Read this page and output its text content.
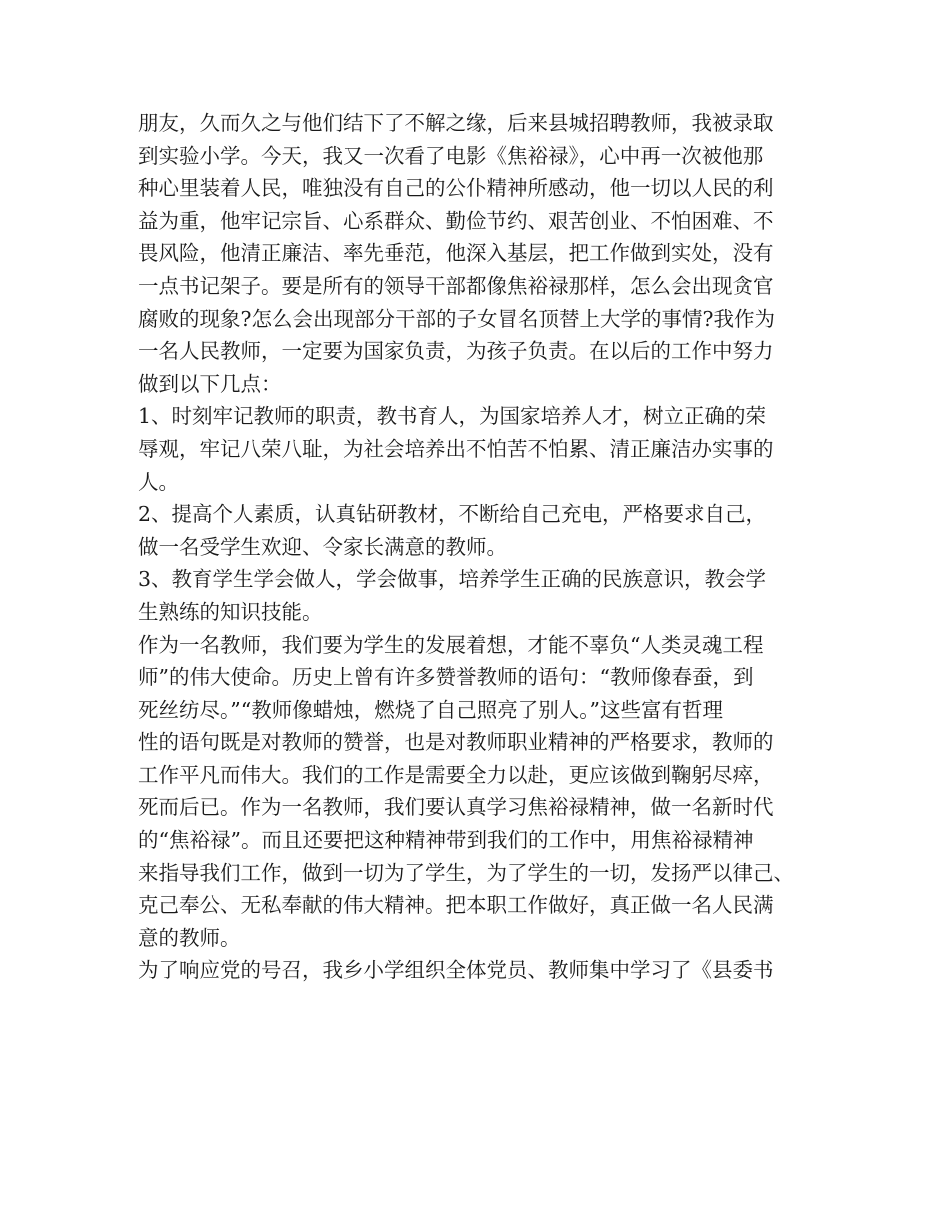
朋友，久而久之与他们结下了不解之缘，后来县城招聘教师，我被录取
到实验小学。今天，我又一次看了电影《焦裕禄》，心中再一次被他那
种心里装着人民，唯独没有自己的公仆精神所感动，他一切以人民的利
益为重，他牢记宗旨、心系群众、勤俭节约、艰苦创业、不怕困难、不
畏风险，他清正廉洁、率先垂范，他深入基层，把工作做到实处，没有
一点书记架子。要是所有的领导干部都像焦裕禄那样，怎么会出现贪官
腐败的现象?怎么会出现部分干部的子女冒名顶替上大学的事情?我作为
一名人民教师，一定要为国家负责，为孩子负责。在以后的工作中努力
做到以下几点：
1、时刻牢记教师的职责，教书育人，为国家培养人才，树立正确的荣
辱观，牢记八荣八耻，为社会培养出不怕苦不怕累、清正廉洁办实事的
人。
2、提高个人素质，认真钻研教材，不断给自己充电，严格要求自己，
做一名受学生欢迎、令家长满意的教师。
3、教育学生学会做人，学会做事，培养学生正确的民族意识，教会学
生熟练的知识技能。
作为一名教师，我们要为学生的发展着想，才能不辜负“人类灵魂工程
师”的伟大使命。历史上曾有许多赞誉教师的语句：“教师像春蚕，到
死丝纺尽。”“教师像蜡烛，燃烧了自己照亮了别人。”这些富有哲理
性的语句既是对教师的赞誉，也是对教师职业精神的严格要求，教师的
工作平凡而伟大。我们的工作是需要全力以赴，更应该做到鞠躬尽瘁，
死而后已。作为一名教师，我们要认真学习焦裕禄精神，做一名新时代
的“焦裕禄”。而且还要把这种精神带到我们的工作中，用焦裕禄精神
来指导我们工作，做到一切为了学生，为了学生的一切，发扬严以律己、
克己奉公、无私奉献的伟大精神。把本职工作做好，真正做一名人民满
意的教师。
为了响应党的号召，我乡小学组织全体党员、教师集中学习了《县委书
